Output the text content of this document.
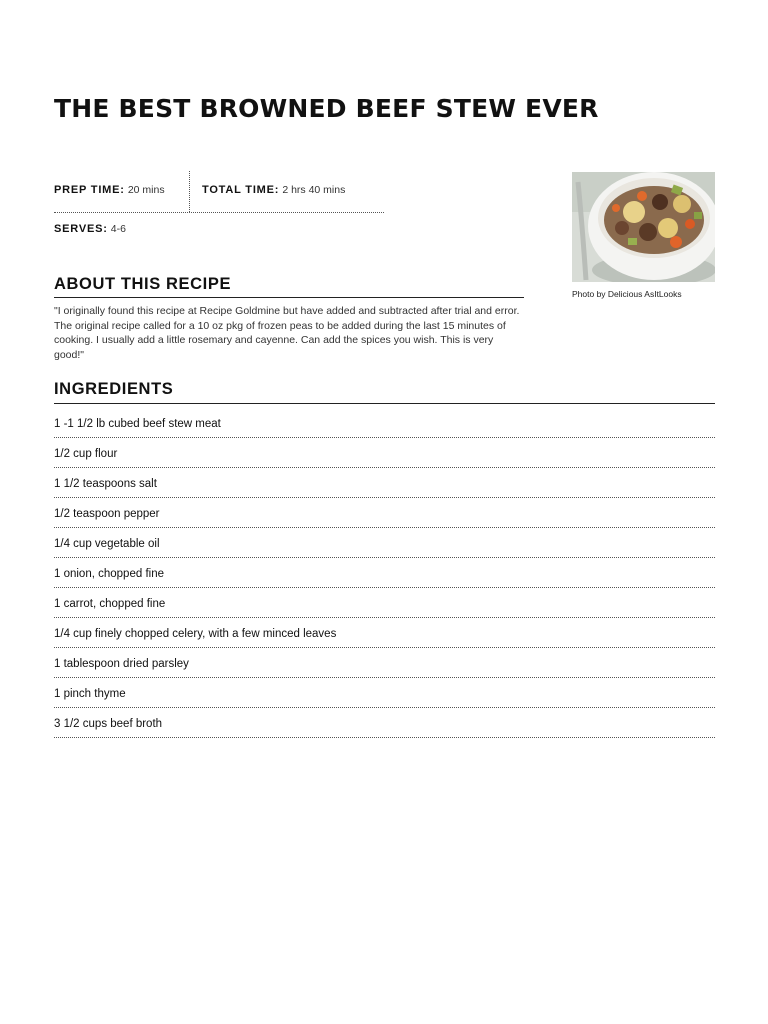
THE BEST BROWNED BEEF STEW EVER
PREP TIME: 20 mins	TOTAL TIME: 2 hrs 40 mins
SERVES: 4-6
Photo by Delicious AsItLooks
ABOUT THIS RECIPE

"I originally found this recipe at Recipe Goldmine but have added and subtracted after trial and error. The original recipe called for a 10 oz pkg of frozen peas to be added during the last 15 minutes of cooking. I usually add a little rosemary and cayenne. Can add the spices you wish. This is very good!"

INGREDIENTS
1 -1 1/2 lb cubed beef stew meat
1/2 cup flour
1 1/2 teaspoons salt
1/2 teaspoon pepper
1/4 cup vegetable oil
1 onion, chopped fine
1 carrot, chopped fine
1/4 cup finely chopped celery, with a few minced leaves
1 tablespoon dried parsley
1 pinch thyme
3 1/2 cups beef broth
